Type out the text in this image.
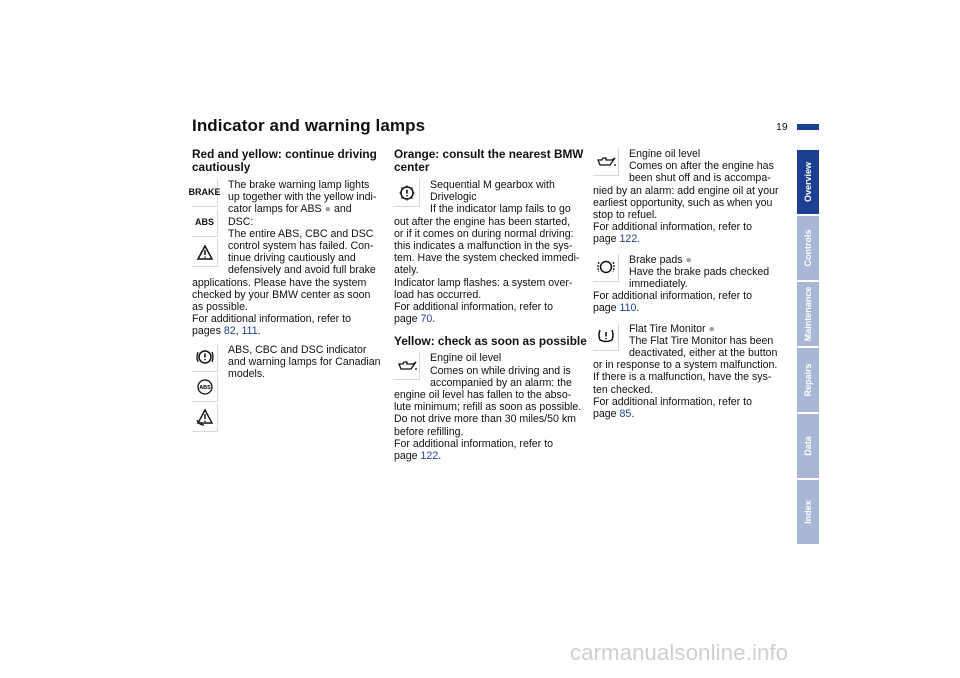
Indicator and warning lamps	19
Red and yellow: continue driving cautiously
BRAKE
ABS

The brake warning lamp lights

up together with the yellow indi-

cator lamps for ABS ● and

DSC:

The entire ABS, CBC and DSC

control system has failed. Con-

tinue driving cautiously and

defensively and avoid full brake

applications. Please have the system

checked by your BMW center as soon

as possible.

For additional information, refer to

pages 82, 111.

ABS

ABS, CBC and DSC indicator

and warning lamps for Canadian

models.

Orange: consult the nearest BMW center

Sequential M gearbox with

Drivelogic

If the indicator lamp fails to go

out after the engine has been started,

or if it comes on during normal driving:

this indicates a malfunction in the sys-

tem. Have the system checked immedi-

ately.

Indicator lamp flashes: a system over-

load has occurred.

For additional information, refer to

page 70.

Yellow: check as soon as possible

Engine oil level

Comes on while driving and is

accompanied by an alarm: the

engine oil level has fallen to the abso-

lute minimum; refill as soon as possible.

Do not drive more than 30 miles/50 km

before refilling.

For additional information, refer to

page 122.

Engine oil level

Comes on after the engine has

been shut off and is accompa-

nied by an alarm: add engine oil at your

earliest opportunity, such as when you

stop to refuel.

For additional information, refer to

page 122.

Brake pads ●

Have the brake pads checked

immediately.

For additional information, refer to

page 110.

Flat Tire Monitor ●

The Flat Tire Monitor has been

deactivated, either at the button

or in response to a system malfunction.

If there is a malfunction, have the sys-

ten checked.

For additional information, refer to

page 85.

Overview
Controls
Maintenance
Repairs
Data
Index
carmanualsonline.info
